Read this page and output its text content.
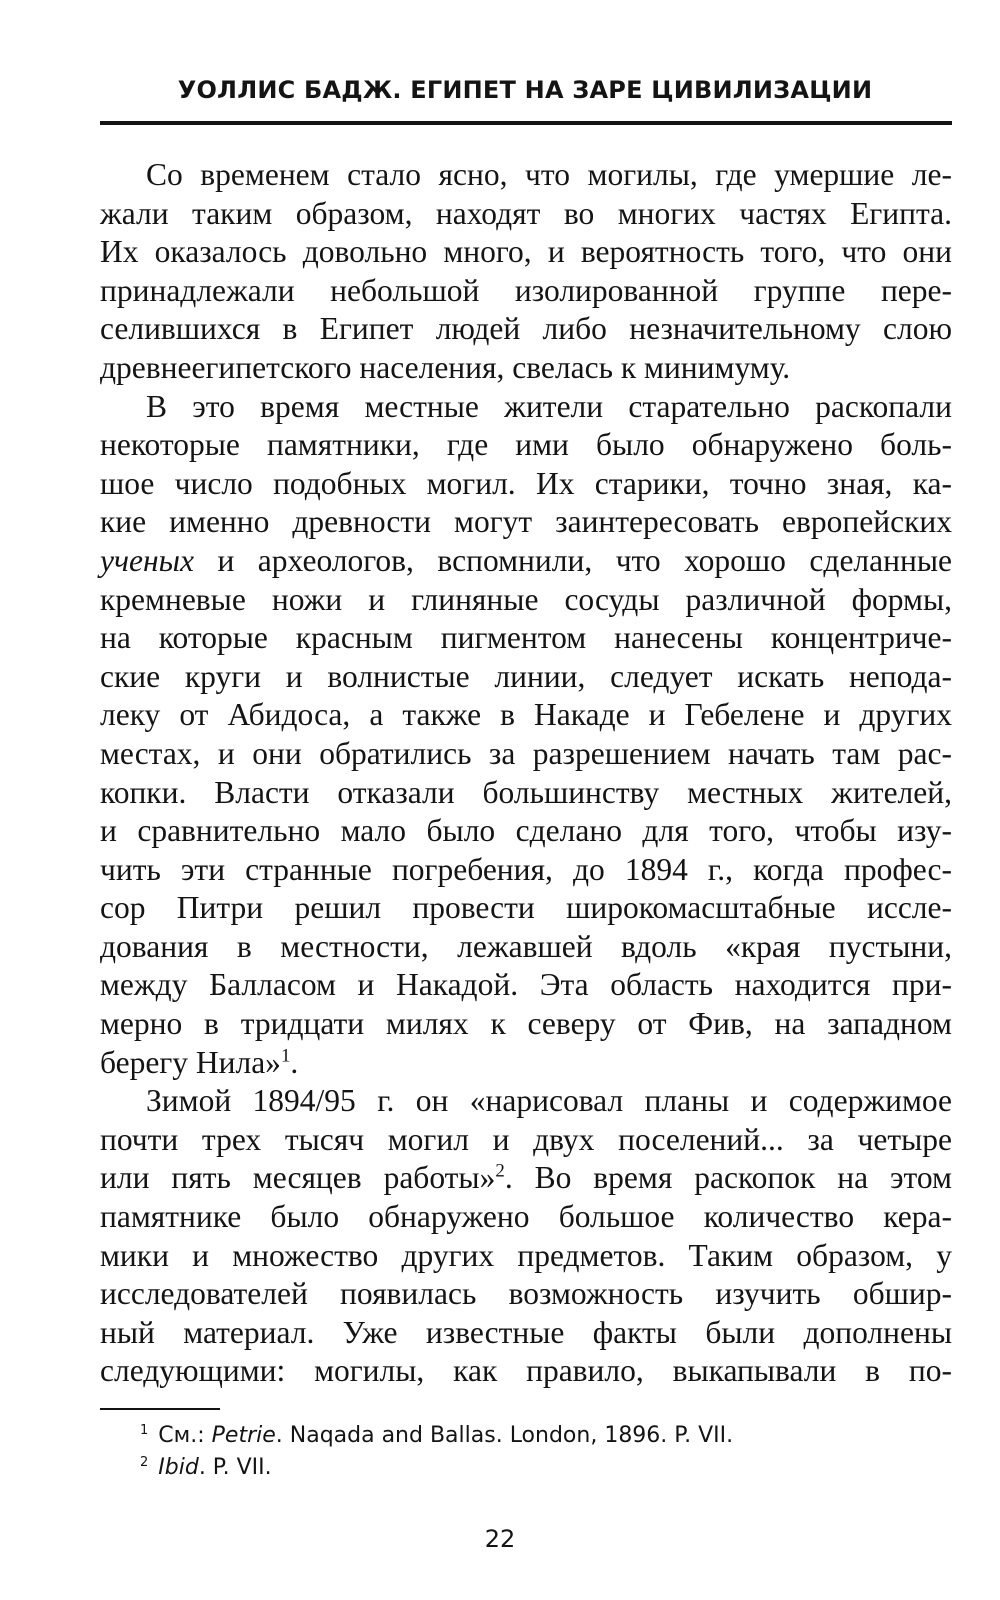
УОЛЛИС БАДЖ. ЕГИПЕТ НА ЗАРЕ ЦИВИЛИЗАЦИИ
Со временем стало ясно, что могилы, где умершие ле-
жали таким образом, находят во многих частях Египта.
Их оказалось довольно много, и вероятность того, что они
принадлежали небольшой изолированной группе пере-
селившихся в Египет людей либо незначительному слою
древнеегипетского населения, свелась к минимуму.
В это время местные жители старательно раскопали
некоторые памятники, где ими было обнаружено боль-
шое число подобных могил. Их старики, точно зная, ка-
кие именно древности могут заинтересовать европейских
ученых и археологов, вспомнили, что хорошо сделанные
кремневые ножи и глиняные сосуды различной формы,
на которые красным пигментом нанесены концентриче-
ские круги и волнистые линии, следует искать непода-
леку от Абидоса, а также в Накаде и Гебелене и других
местах, и они обратились за разрешением начать там рас-
копки. Власти отказали большинству местных жителей,
и сравнительно мало было сделано для того, чтобы изу-
чить эти странные погребения, до 1894 г., когда профес-
сор Питри решил провести широкомасштабные иссле-
дования в местности, лежавшей вдоль «края пустыни,
между Балласом и Накадой. Эта область находится при-
мерно в тридцати милях к северу от Фив, на западном
берегу Нила»$^1$.
Зимой 1894/95 г. он «нарисовал планы и содержимое
почти трех тысяч могил и двух поселений... за четыре
или пять месяцев работы»$^2$. Во время раскопок на этом
памятнике было обнаружено большое количество кера-
мики и множество других предметов. Таким образом, у
исследователей появилась возможность изучить обшир-
ный материал. Уже известные факты были дополнены
следующими: могилы, как правило, выкапывали в по-
$^1$ См.: Petrie. Naqada and Ballas. London, 1896. P. VII.
$^2$ Ibid. P. VII.
22
